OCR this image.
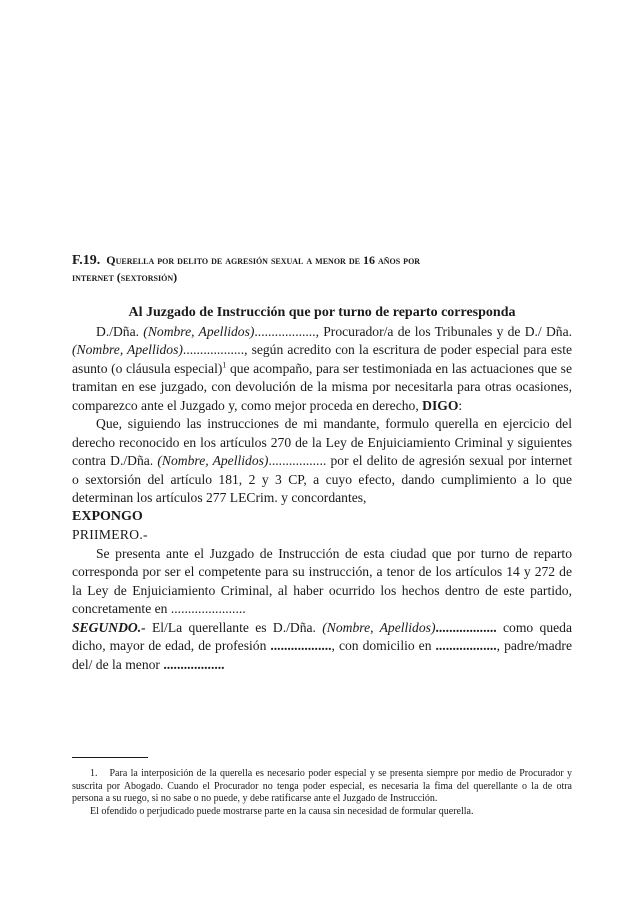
F.19. Querella por delito de agresión sexual a menor de 16 años por
internet (sextorsión)

Al Juzgado de Instrucción que por turno de reparto corresponda

D./Dña. (Nombre, Apellidos).................., Procurador/a de los Tribunales y de D./ Dña. (Nombre, Apellidos).................., según acredito con la escritura de poder especial para este asunto (o cláusula especial)$^1$ que acompaño, para ser testimoniada en las actuaciones que se tramitan en ese juzgado, con devolución de la misma por necesitarla para otras ocasiones, comparezco ante el Juzgado y, como mejor proceda en derecho, DIGO:

Que, siguiendo las instrucciones de mi mandante, formulo querella en ejercicio del derecho reconocido en los artículos 270 de la Ley de Enjuiciamiento Criminal y siguientes contra D./Dña. (Nombre, Apellidos)................. por el delito de agresión sexual por internet o sextorsión del artículo 181, 2 y 3 CP, a cuyo efecto, dando cumplimiento a lo que determinan los artículos 277 LECrim. y concordantes,

EXPONGO

PRIIMERO.-

Se presenta ante el Juzgado de Instrucción de esta ciudad que por turno de reparto corresponda por ser el competente para su instrucción, a tenor de los artículos 14 y 272 de la Ley de Enjuiciamiento Criminal, al haber ocurrido los hechos dentro de este partido, concretamente en ......................

SEGUNDO.- El/La querellante es D./Dña. (Nombre, Apellidos).................. como queda dicho, mayor de edad, de profesión .................., con domicilio en .................., padre/madre del/ de la menor ..................

1. Para la interposición de la querella es necesario poder especial y se presenta siempre por medio de Procurador y suscrita por Abogado. Cuando el Procurador no tenga poder especial, es necesaria la fima del querellante o la de otra persona a su ruego, si no sabe o no puede, y debe ratificarse ante el Juzgado de Instrucción.

El ofendido o perjudicado puede mostrarse parte en la causa sin necesidad de formular querella.
